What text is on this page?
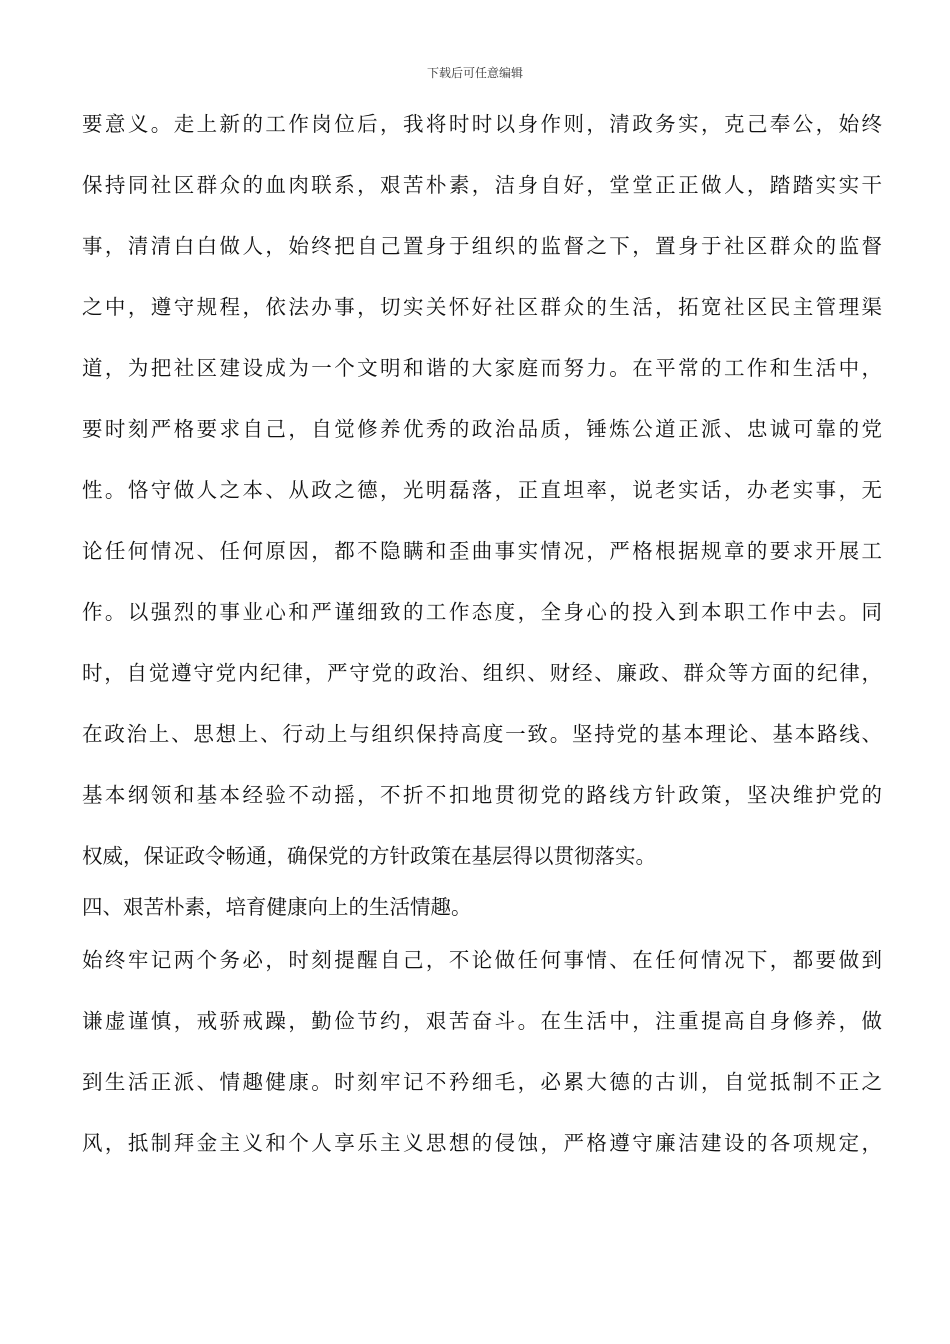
下载后可任意编辑
要意义。走上新的工作岗位后，我将时时以身作则，清政务实，克己奉公，始终
保持同社区群众的血肉联系，艰苦朴素，洁身自好，堂堂正正做人，踏踏实实干
事，清清白白做人，始终把自己置身于组织的监督之下，置身于社区群众的监督
之中，遵守规程，依法办事，切实关怀好社区群众的生活，拓宽社区民主管理渠
道，为把社区建设成为一个文明和谐的大家庭而努力。在平常的工作和生活中，
要时刻严格要求自己，自觉修养优秀的政治品质，锤炼公道正派、忠诚可靠的党
性。恪守做人之本、从政之德，光明磊落，正直坦率，说老实话，办老实事，无
论任何情况、任何原因，都不隐瞒和歪曲事实情况，严格根据规章的要求开展工
作。以强烈的事业心和严谨细致的工作态度，全身心的投入到本职工作中去。同
时，自觉遵守党内纪律，严守党的政治、组织、财经、廉政、群众等方面的纪律，
在政治上、思想上、行动上与组织保持高度一致。坚持党的基本理论、基本路线、
基本纲领和基本经验不动摇，不折不扣地贯彻党的路线方针政策，坚决维护党的
权威，保证政令畅通，确保党的方针政策在基层得以贯彻落实。
四、艰苦朴素，培育健康向上的生活情趣。
始终牢记两个务必，时刻提醒自己，不论做任何事情、在任何情况下，都要做到
谦虚谨慎，戒骄戒躁，勤俭节约，艰苦奋斗。在生活中，注重提高自身修养，做
到生活正派、情趣健康。时刻牢记不矜细毛，必累大德的古训，自觉抵制不正之
风，抵制拜金主义和个人享乐主义思想的侵蚀，严格遵守廉洁建设的各项规定，
